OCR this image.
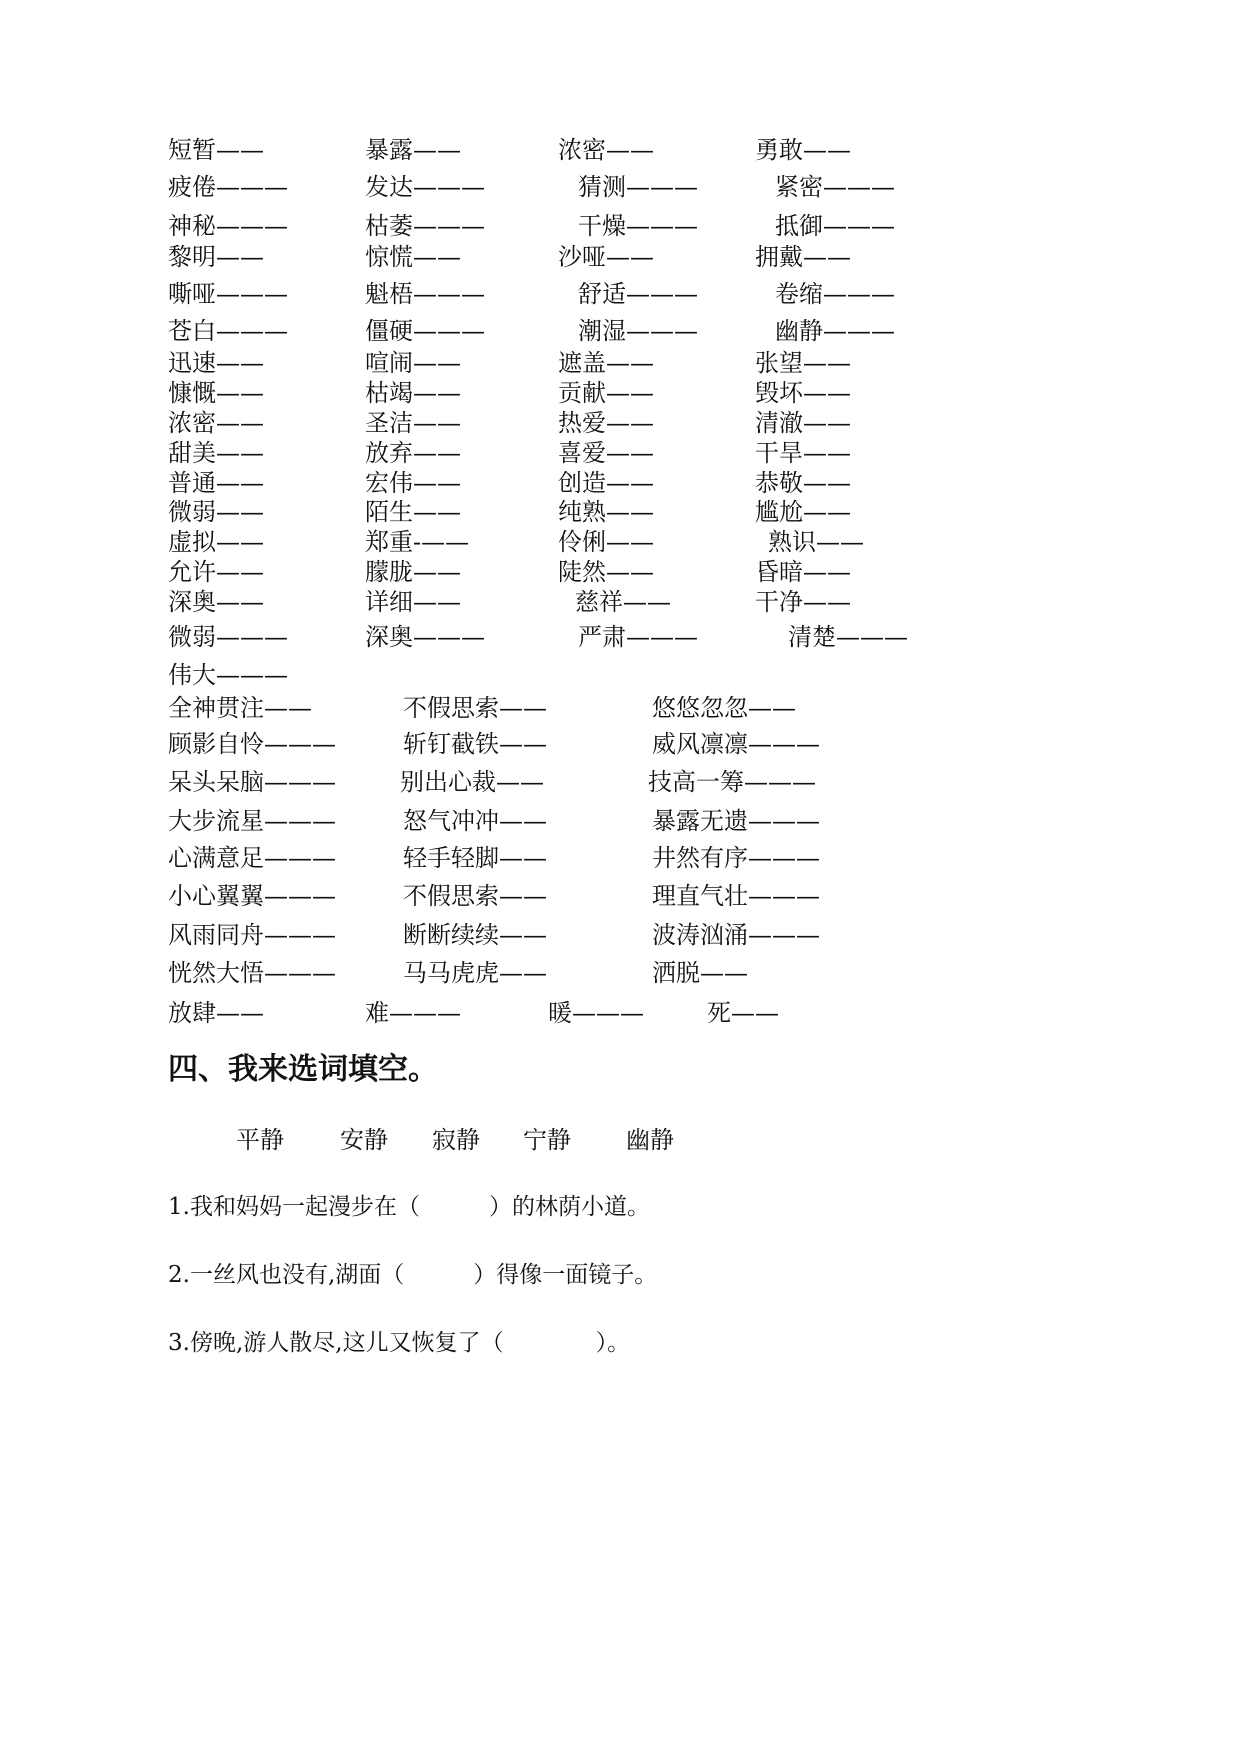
短暂——	暴露——	浓密——	勇敢——
疲倦———	发达———	猜测———	紧密———
神秘———	枯萎———	干燥———	抵御———
黎明——	惊慌——	沙哑——	拥戴——
嘶哑———	魁梧———	舒适———	卷缩———
苍白———	僵硬———	潮湿———	幽静———
迅速——	喧闹——	遮盖——	张望——
慷慨——	枯竭——	贡献——	毁坏——
浓密——	圣洁——	热爱——	清澈——
甜美——	放弃——	喜爱——	干旱——
普通——	宏伟——	创造——	恭敬——
微弱——	陌生——	纯熟——	尴尬——
虚拟——	郑重-——	伶俐——	熟识——
允许——	朦胧——	陡然——	昏暗——
深奥——	详细——	慈祥——	干净——
微弱———	深奥———	严肃———	清楚———
伟大———
全神贯注——	不假思索——	悠悠忽忽——
顾影自怜———	斩钉截铁——	威风凛凛———
呆头呆脑———	别出心裁——	技高一筹———
大步流星———	怒气冲冲——	暴露无遗———
心满意足———	轻手轻脚——	井然有序———
小心翼翼———	不假思索——	理直气壮———
风雨同舟———	断断续续——	波涛汹涌———
恍然大悟———	马马虎虎——	洒脱——
放肆——	难———	暖———	死——
四、我来选词填空。
平静 安静 寂静 宁静 幽静
1.我和妈妈一起漫步在（　　　）的林荫小道。
2.一丝风也没有,湖面（　　　）得像一面镜子。
3.傍晚,游人散尽,这儿又恢复了（　　　　）。
